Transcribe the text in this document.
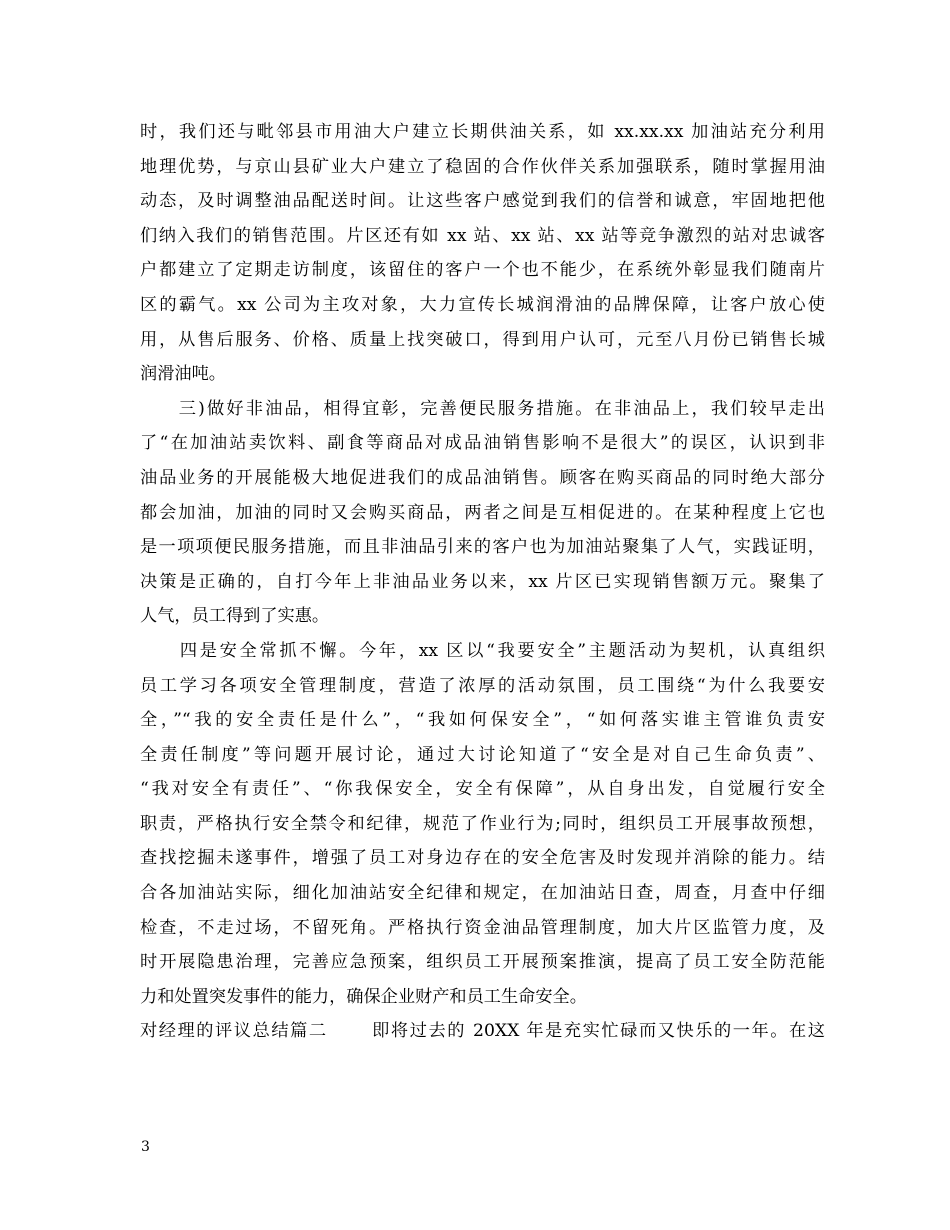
时，我们还与毗邻县市用油大户建立长期供油关系，如 xx.xx.xx 加油站充分利用
地理优势，与京山县矿业大户建立了稳固的合作伙伴关系加强联系，随时掌握用油
动态，及时调整油品配送时间。让这些客户感觉到我们的信誉和诚意，牢固地把他
们纳入我们的销售范围。片区还有如 xx 站、xx 站、xx 站等竞争激烈的站对忠诚客
户都建立了定期走访制度，该留住的客户一个也不能少，在系统外彰显我们随南片
区的霸气。xx 公司为主攻对象，大力宣传长城润滑油的品牌保障，让客户放心使
用，从售后服务、价格、质量上找突破口，得到用户认可，元至八月份已销售长城
润滑油吨。
　　三)做好非油品，相得宜彰，完善便民服务措施。在非油品上，我们较早走出
了“在加油站卖饮料、副食等商品对成品油销售影响不是很大”的误区，认识到非
油品业务的开展能极大地促进我们的成品油销售。顾客在购买商品的同时绝大部分
都会加油，加油的同时又会购买商品，两者之间是互相促进的。在某种程度上它也
是一项项便民服务措施，而且非油品引来的客户也为加油站聚集了人气，实践证明，
决策是正确的，自打今年上非油品业务以来，xx 片区已实现销售额万元。聚集了
人气，员工得到了实惠。
　　四是安全常抓不懈。今年，xx 区以“我要安全”主题活动为契机，认真组织
员工学习各项安全管理制度，营造了浓厚的活动氛围，员工围绕“为什么我要安
全，”“我的安全责任是什么”，“我如何保安全”，“如何落实谁主管谁负责安
全责任制度”等问题开展讨论，通过大讨论知道了“安全是对自己生命负责”、
“我对安全有责任”、“你我保安全，安全有保障”，从自身出发，自觉履行安全
职责，严格执行安全禁令和纪律，规范了作业行为;同时，组织员工开展事故预想，
查找挖掘未遂事件，增强了员工对身边存在的安全危害及时发现并消除的能力。结
合各加油站实际，细化加油站安全纪律和规定，在加油站日查，周查，月查中仔细
检查，不走过场，不留死角。严格执行资金油品管理制度，加大片区监管力度，及
时开展隐患治理，完善应急预案，组织员工开展预案推演，提高了员工安全防范能
力和处置突发事件的能力，确保企业财产和员工生命安全。
对经理的评议总结篇二　　 即将过去的 20XX 年是充实忙碌而又快乐的一年。在这
3
